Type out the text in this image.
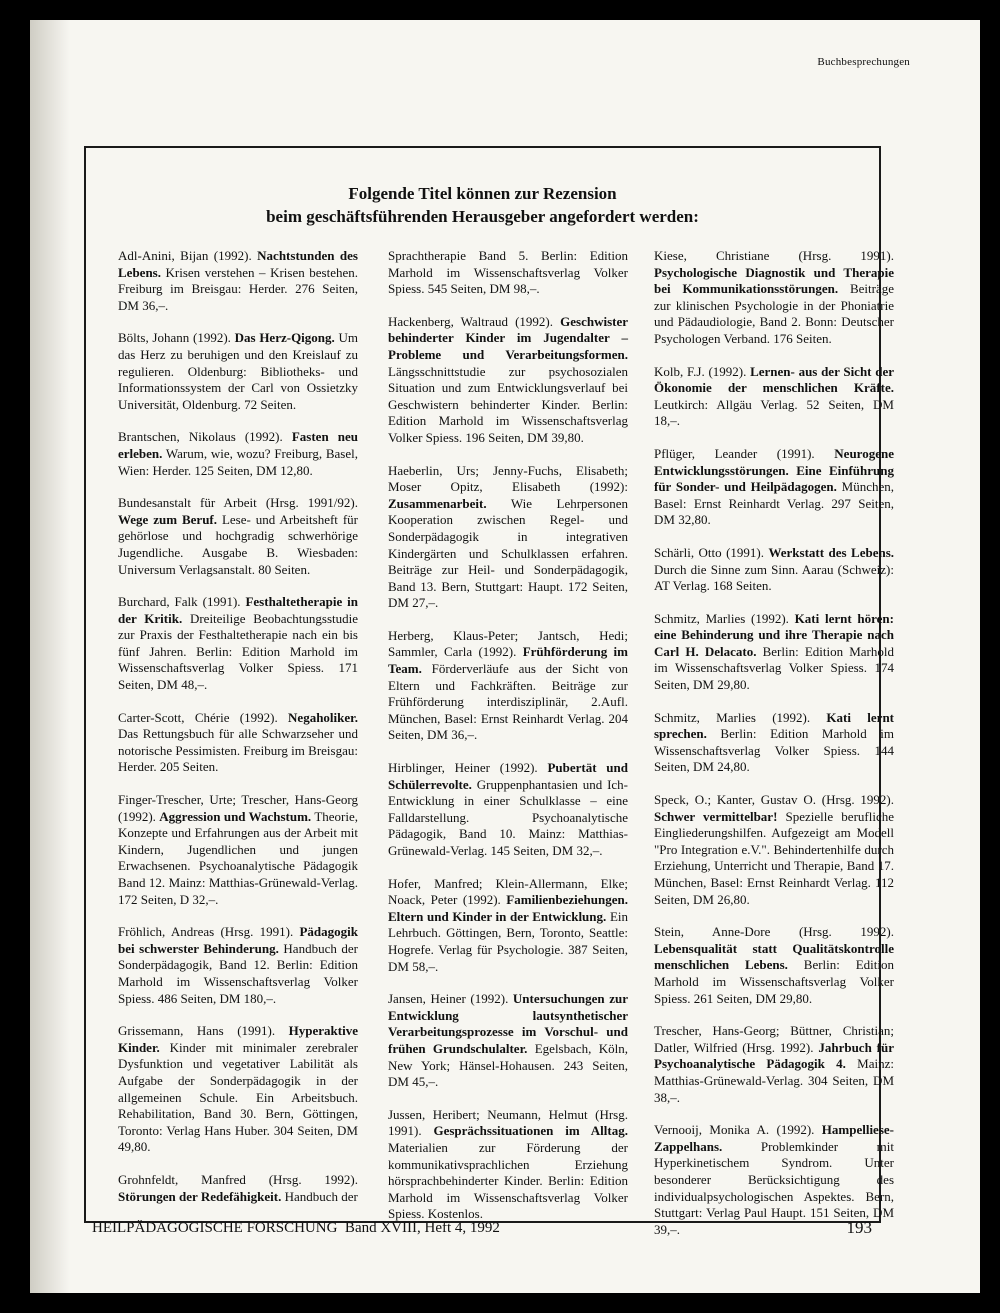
Buchbesprechungen
Folgende Titel können zur Rezension
beim geschäftsführenden Herausgeber angefordert werden:

Adl-Anini, Bijan (1992). Nachtstunden des Lebens. Krisen verstehen – Krisen bestehen. Freiburg im Breisgau: Herder. 276 Seiten, DM 36,–.

Bölts, Johann (1992). Das Herz-Qigong. Um das Herz zu beruhigen und den Kreislauf zu regulieren. Oldenburg: Bibliotheks- und Informationssystem der Carl von Ossietzky Universität, Oldenburg. 72 Seiten.

Brantschen, Nikolaus (1992). Fasten neu erleben. Warum, wie, wozu? Freiburg, Basel, Wien: Herder. 125 Seiten, DM 12,80.

Bundesanstalt für Arbeit (Hrsg. 1991/92). Wege zum Beruf. Lese- und Arbeitsheft für gehörlose und hochgradig schwerhörige Jugendliche. Ausgabe B. Wiesbaden: Universum Verlagsanstalt. 80 Seiten.

Burchard, Falk (1991). Festhaltetherapie in der Kritik. Dreiteilige Beobachtungsstudie zur Praxis der Festhaltetherapie nach ein bis fünf Jahren. Berlin: Edition Marhold im Wissenschaftsverlag Volker Spiess. 171 Seiten, DM 48,–.

Carter-Scott, Chérie (1992). Negaholiker. Das Rettungsbuch für alle Schwarzseher und notorische Pessimisten. Freiburg im Breisgau: Herder. 205 Seiten.

Finger-Trescher, Urte; Trescher, Hans-Georg (1992). Aggression und Wachstum. Theorie, Konzepte und Erfahrungen aus der Arbeit mit Kindern, Jugendlichen und jungen Erwachsenen. Psychoanalytische Pädagogik Band 12. Mainz: Matthias-Grünewald-Verlag. 172 Seiten, D 32,–.

Fröhlich, Andreas (Hrsg. 1991). Pädagogik bei schwerster Behinderung. Handbuch der Sonderpädagogik, Band 12. Berlin: Edition Marhold im Wissenschaftsverlag Volker Spiess. 486 Seiten, DM 180,–.

Grissemann, Hans (1991). Hyperaktive Kinder. Kinder mit minimaler zerebraler Dysfunktion und vegetativer Labilität als Aufgabe der Sonderpädagogik in der allgemeinen Schule. Ein Arbeitsbuch. Rehabilitation, Band 30. Bern, Göttingen, Toronto: Verlag Hans Huber. 304 Seiten, DM 49,80.

Grohnfeldt, Manfred (Hrsg. 1992). Störungen der Redefähigkeit. Handbuch der

Sprachtherapie Band 5. Berlin: Edition Marhold im Wissenschaftsverlag Volker Spiess. 545 Seiten, DM 98,–.

Hackenberg, Waltraud (1992). Geschwister behinderter Kinder im Jugendalter – Probleme und Verarbeitungsformen. Längsschnittstudie zur psychosozialen Situation und zum Entwicklungsverlauf bei Geschwistern behinderter Kinder. Berlin: Edition Marhold im Wissenschaftsverlag Volker Spiess. 196 Seiten, DM 39,80.

Haeberlin, Urs; Jenny-Fuchs, Elisabeth; Moser Opitz, Elisabeth (1992): Zusammenarbeit. Wie Lehrpersonen Kooperation zwischen Regel- und Sonderpädagogik in integrativen Kindergärten und Schulklassen erfahren. Beiträge zur Heil- und Sonderpädagogik, Band 13. Bern, Stuttgart: Haupt. 172 Seiten, DM 27,–.

Herberg, Klaus-Peter; Jantsch, Hedi; Sammler, Carla (1992). Frühförderung im Team. Förderverläufe aus der Sicht von Eltern und Fachkräften. Beiträge zur Frühförderung interdisziplinär, 2.Aufl. München, Basel: Ernst Reinhardt Verlag. 204 Seiten, DM 36,–.

Hirblinger, Heiner (1992). Pubertät und Schülerrevolte. Gruppenphantasien und Ich-Entwicklung in einer Schulklasse – eine Falldarstellung. Psychoanalytische Pädagogik, Band 10. Mainz: Matthias-Grünewald-Verlag. 145 Seiten, DM 32,–.

Hofer, Manfred; Klein-Allermann, Elke; Noack, Peter (1992). Familienbeziehungen. Eltern und Kinder in der Entwicklung. Ein Lehrbuch. Göttingen, Bern, Toronto, Seattle: Hogrefe. Verlag für Psychologie. 387 Seiten, DM 58,–.

Jansen, Heiner (1992). Untersuchungen zur Entwicklung lautsynthetischer Verarbeitungsprozesse im Vorschul- und frühen Grundschulalter. Egelsbach, Köln, New York; Hänsel-Hohausen. 243 Seiten, DM 45,–.

Jussen, Heribert; Neumann, Helmut (Hrsg. 1991). Gesprächssituationen im Alltag. Materialien zur Förderung der kommunikativsprachlichen Erziehung hörsprachbehinderter Kinder. Berlin: Edition Marhold im Wissenschaftsverlag Volker Spiess. Kostenlos.

Kiese, Christiane (Hrsg. 1991). Psychologische Diagnostik und Therapie bei Kommunikationsstörungen. Beiträge zur klinischen Psychologie in der Phoniatrie und Pädaudiologie, Band 2. Bonn: Deutscher Psychologen Verband. 176 Seiten.

Kolb, F.J. (1992). Lernen- aus der Sicht der Ökonomie der menschlichen Kräfte. Leutkirch: Allgäu Verlag. 52 Seiten, DM 18,–.

Pflüger, Leander (1991). Neurogene Entwicklungsstörungen. Eine Einführung für Sonder- und Heilpädagogen. München, Basel: Ernst Reinhardt Verlag. 297 Seiten, DM 32,80.

Schärli, Otto (1991). Werkstatt des Lebens. Durch die Sinne zum Sinn. Aarau (Schweiz): AT Verlag. 168 Seiten.

Schmitz, Marlies (1992). Kati lernt hören: eine Behinderung und ihre Therapie nach Carl H. Delacato. Berlin: Edition Marhold im Wissenschaftsverlag Volker Spiess. 174 Seiten, DM 29,80.

Schmitz, Marlies (1992). Kati lernt sprechen. Berlin: Edition Marhold im Wissenschaftsverlag Volker Spiess. 144 Seiten, DM 24,80.

Speck, O.; Kanter, Gustav O. (Hrsg. 1992). Schwer vermittelbar! Spezielle berufliche Eingliederungshilfen. Aufgezeigt am Modell "Pro Integration e.V.". Behindertenhilfe durch Erziehung, Unterricht und Therapie, Band 17. München, Basel: Ernst Reinhardt Verlag. 112 Seiten, DM 26,80.

Stein, Anne-Dore (Hrsg. 1992). Lebensqualität statt Qualitätskontrolle menschlichen Lebens. Berlin: Edition Marhold im Wissenschaftsverlag Volker Spiess. 261 Seiten, DM 29,80.

Trescher, Hans-Georg; Büttner, Christian; Datler, Wilfried (Hrsg. 1992). Jahrbuch für Psychoanalytische Pädagogik 4. Mainz: Matthias-Grünewald-Verlag. 304 Seiten, DM 38,–.

Vernooij, Monika A. (1992). Hampelliese-Zappelhans. Problemkinder mit Hyperkinetischem Syndrom. Unter besonderer Berücksichtigung des individualpsychologischen Aspektes. Bern, Stuttgart: Verlag Paul Haupt. 151 Seiten, DM 39,–.

HEILPÄDAGOGISCHE FORSCHUNG  Band XVIII, Heft 4, 1992	193
